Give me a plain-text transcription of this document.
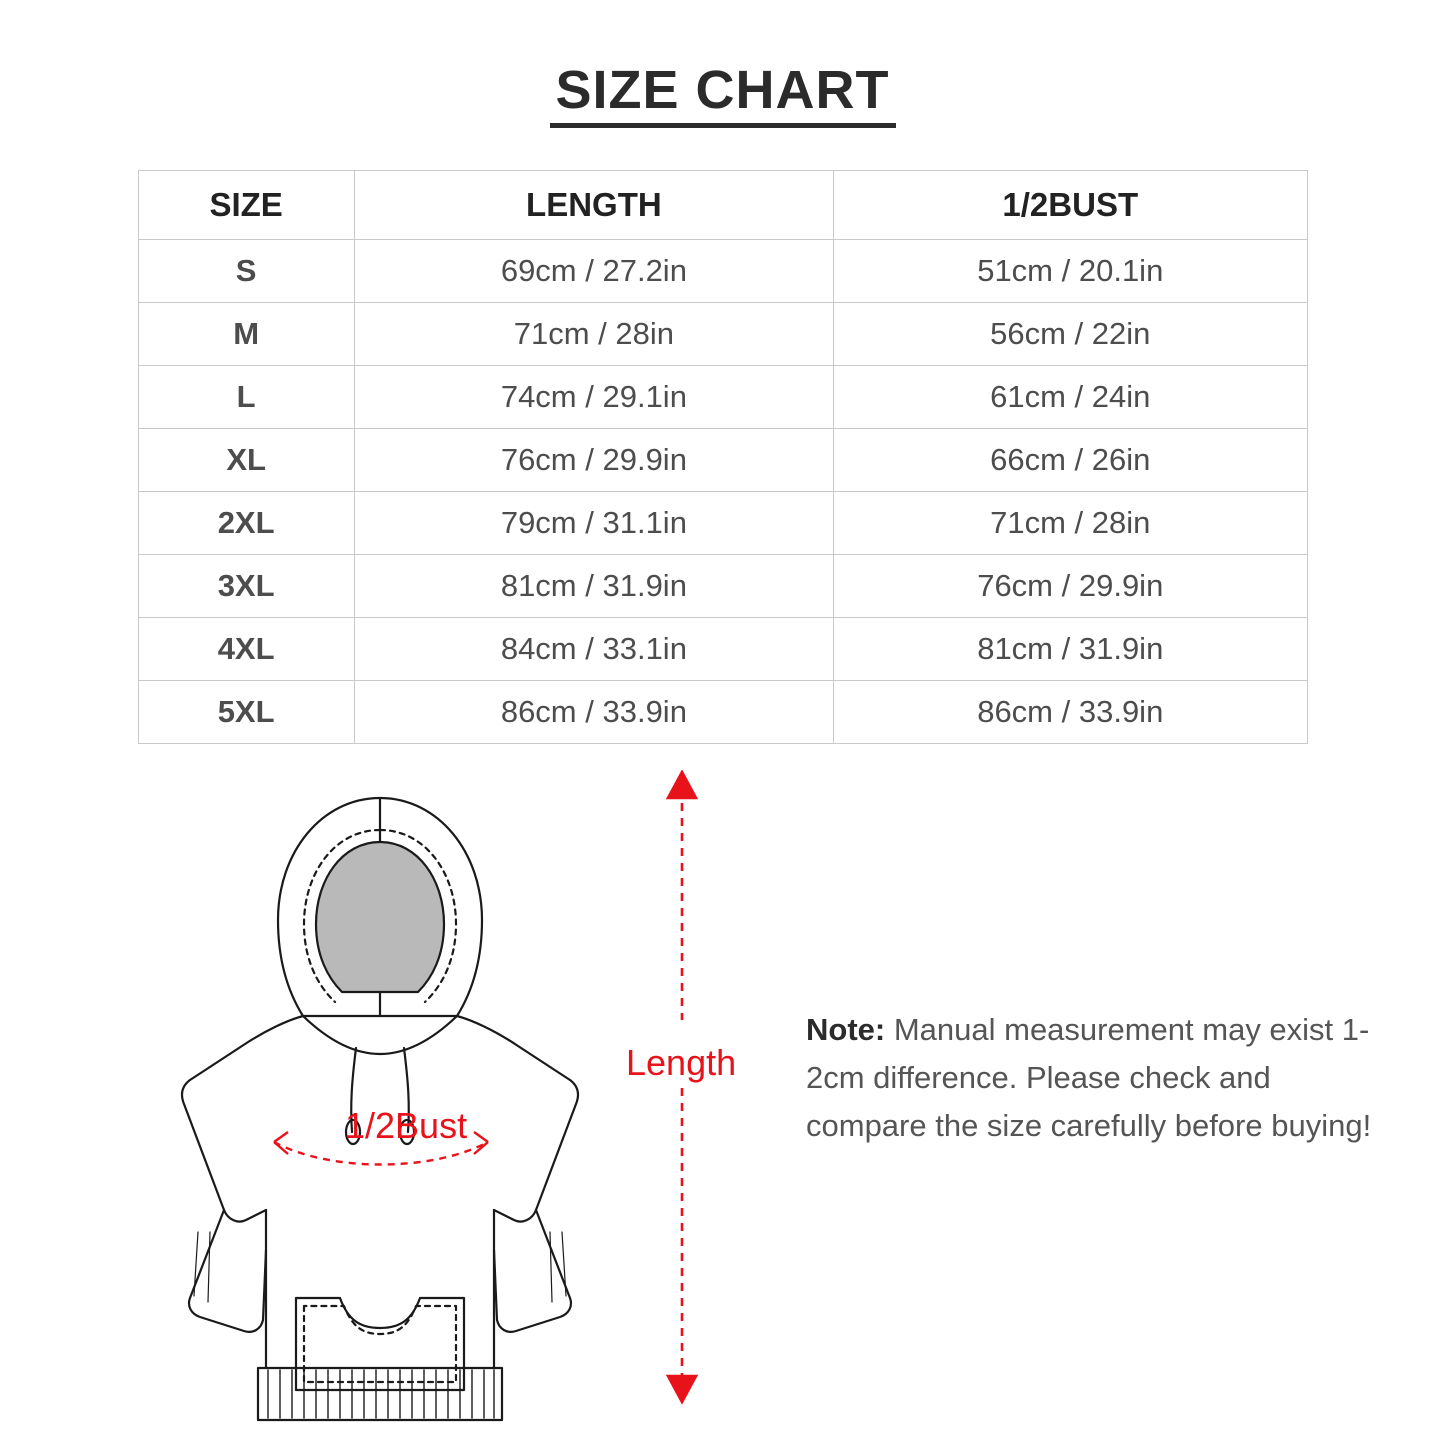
SIZE CHART
SIZE	LENGTH	1/2BUST
S	69cm / 27.2in	51cm / 20.1in
M	71cm / 28in	56cm / 22in
L	74cm / 29.1in	61cm / 24in
XL	76cm / 29.9in	66cm / 26in
2XL	79cm / 31.1in	71cm / 28in
3XL	81cm / 31.9in	76cm / 29.9in
4XL	84cm / 33.1in	81cm / 31.9in
5XL	86cm / 33.9in	86cm / 33.9in
1/2Bust
Length
Note: Manual measurement may exist 1-2cm difference. Please check and compare the size carefully before buying!
